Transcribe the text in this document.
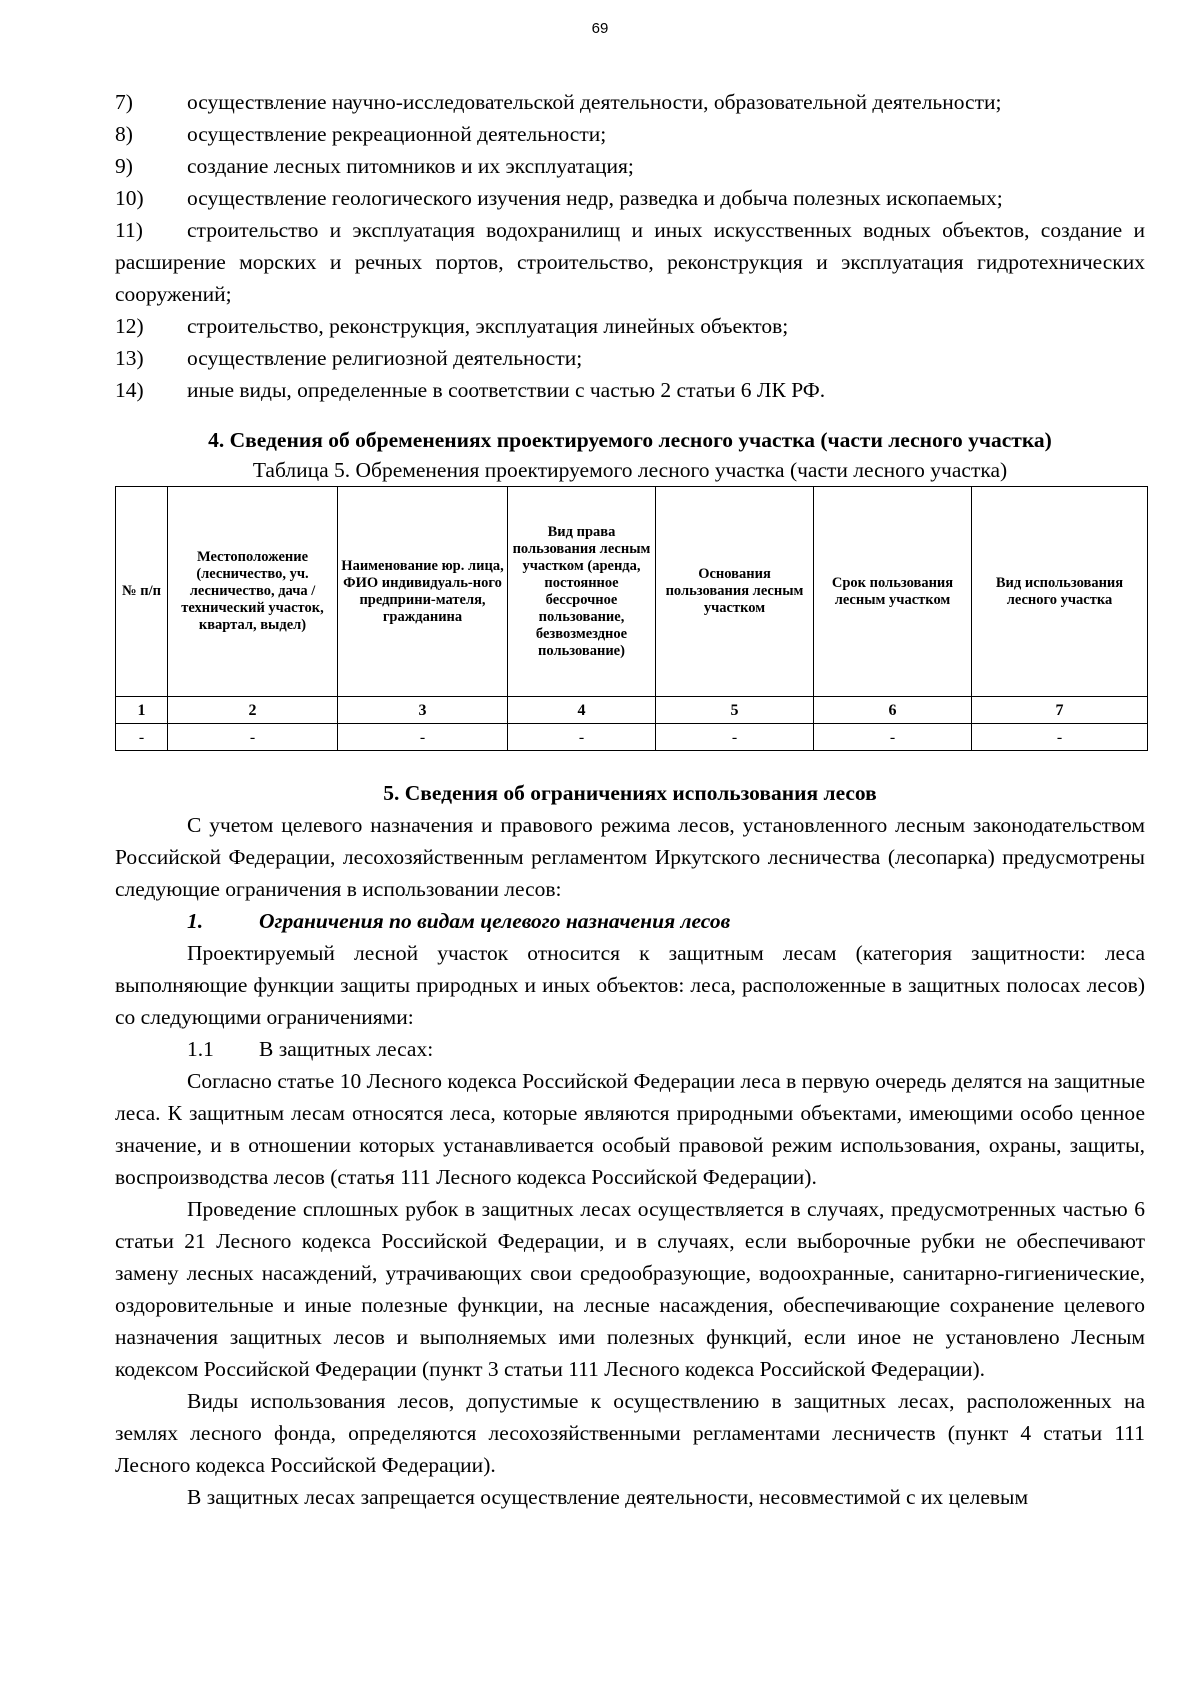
69
7)	осуществление научно-исследовательской деятельности, образовательной деятельности;
8)	осуществление рекреационной деятельности;
9)	создание лесных питомников и их эксплуатация;
10)	осуществление геологического изучения недр, разведка и добыча полезных ископаемых;
11) строительство и эксплуатация водохранилищ и иных искусственных водных объектов, создание и расширение морских и речных портов, строительство, реконструкция и эксплуатация гидротехнических сооружений;
12)	строительство, реконструкция, эксплуатация линейных объектов;
13)	осуществление религиозной деятельности;
14)	иные виды, определенные в соответствии с частью 2 статьи 6 ЛК РФ.
4. Сведения об обременениях проектируемого лесного участка (части лесного участка)
Таблица 5. Обременения проектируемого лесного участка (части лесного участка)
№ п/п	Местоположение (лесничество, уч. лесничество, дача / технический участок, квартал, выдел)	Наименование юр. лица, ФИО индивидуаль-ного предприни-мателя, гражданина	Вид права пользования лесным участком (аренда, постоянное бессрочное пользование, безвозмездное пользование)	Основания пользования лесным участком	Срок пользования лесным участком	Вид использования лесного участка
1	2	3	4	5	6	7
-	-	-	-	-	-	-
5. Сведения об ограничениях использования лесов
С учетом целевого назначения и правового режима лесов, установленного лесным законодательством Российской Федерации, лесохозяйственным регламентом Иркутского лесничества (лесопарка) предусмотрены следующие ограничения в использовании лесов:
1.	Ограничения по видам целевого назначения лесов
Проектируемый лесной участок относится к защитным лесам (категория защитности: леса выполняющие функции защиты природных и иных объектов: леса, расположенные в защитных полосах лесов) со следующими ограничениями:
1.1	В защитных лесах:
Согласно статье 10 Лесного кодекса Российской Федерации леса в первую очередь делятся на защитные леса. К защитным лесам относятся леса, которые являются природными объектами, имеющими особо ценное значение, и в отношении которых устанавливается особый правовой режим использования, охраны, защиты, воспроизводства лесов (статья 111 Лесного кодекса Российской Федерации).
Проведение сплошных рубок в защитных лесах осуществляется в случаях, предусмотренных частью 6 статьи 21 Лесного кодекса Российской Федерации, и в случаях, если выборочные рубки не обеспечивают замену лесных насаждений, утрачивающих свои средообразующие, водоохранные, санитарно-гигиенические, оздоровительные и иные полезные функции, на лесные насаждения, обеспечивающие сохранение целевого назначения защитных лесов и выполняемых ими полезных функций, если иное не установлено Лесным кодексом Российской Федерации (пункт 3 статьи 111 Лесного кодекса Российской Федерации).
Виды использования лесов, допустимые к осуществлению в защитных лесах, расположенных на землях лесного фонда, определяются лесохозяйственными регламентами лесничеств (пункт 4 статьи 111 Лесного кодекса Российской Федерации).
В защитных лесах запрещается осуществление деятельности, несовместимой с их целевым
